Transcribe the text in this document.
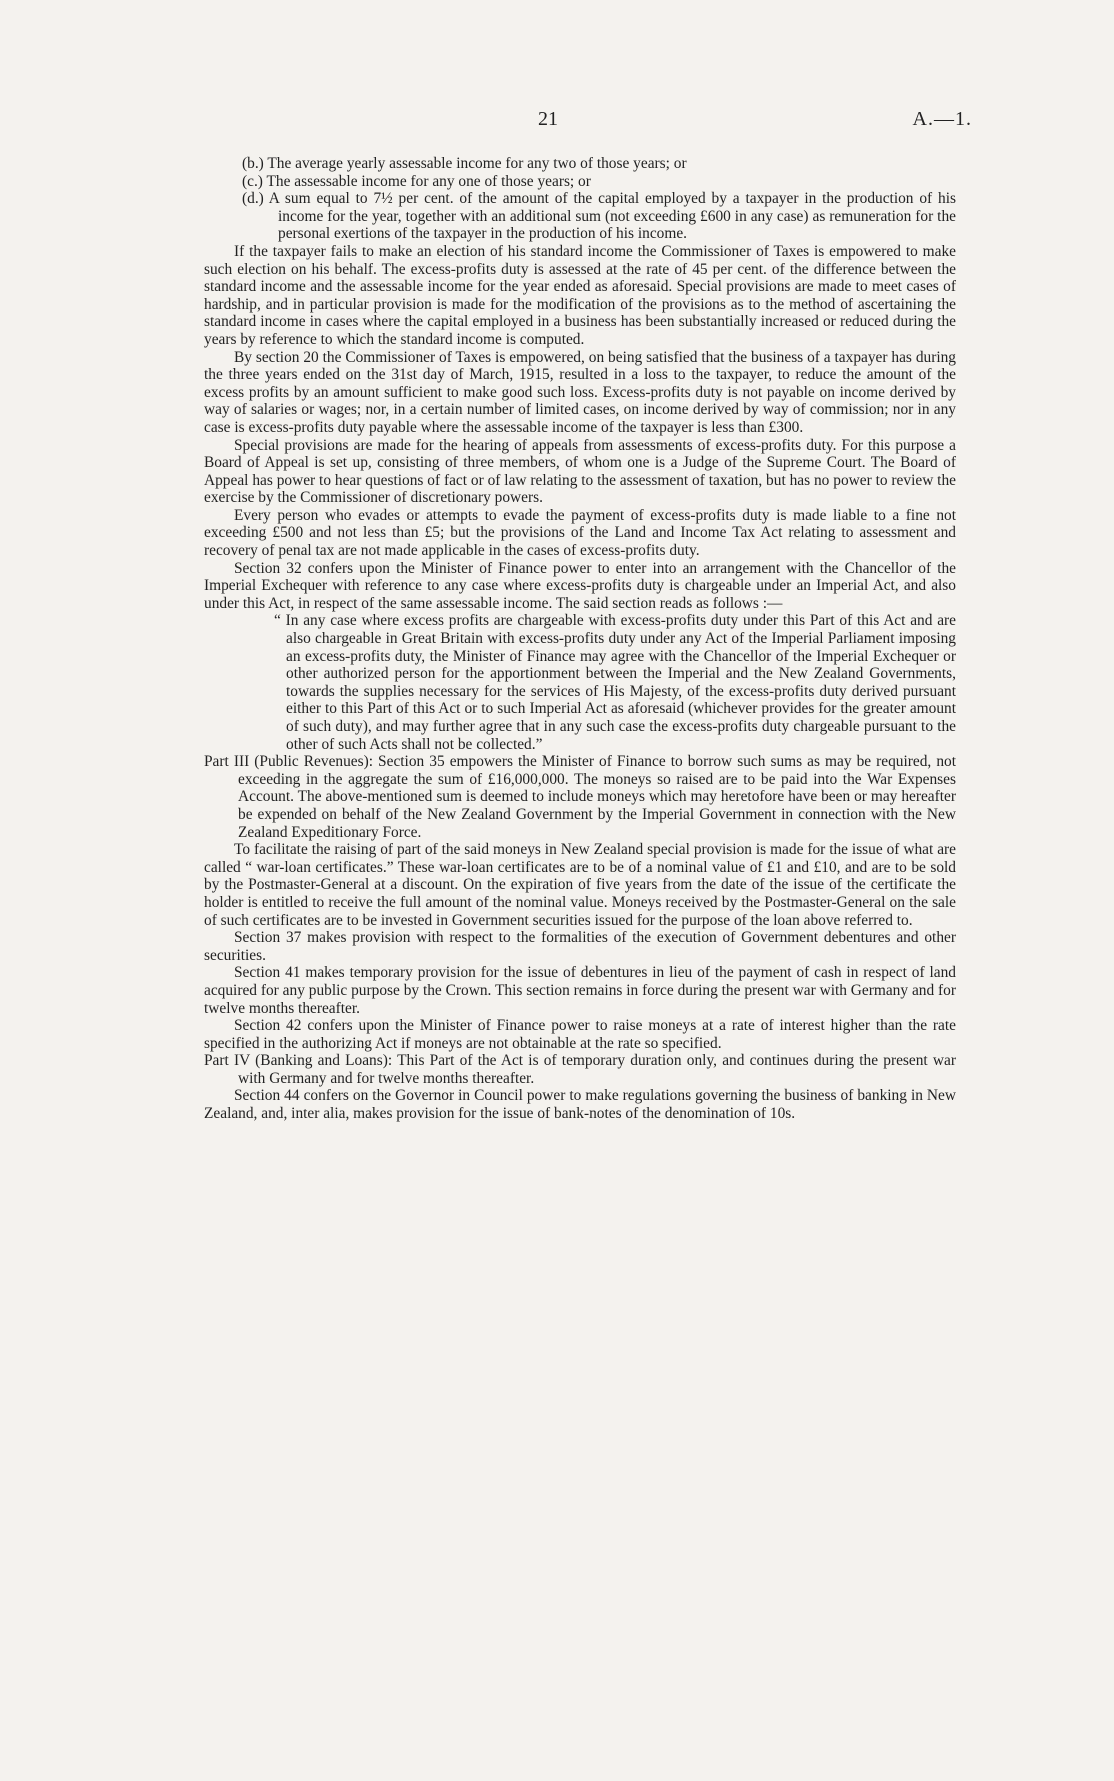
21	A.—1.

(b.) The average yearly assessable income for any two of those years; or

(c.) The assessable income for any one of those years; or

(d.) A sum equal to 7½ per cent. of the amount of the capital employed by a taxpayer in the production of his income for the year, together with an additional sum (not exceeding £600 in any case) as remuneration for the personal exertions of the taxpayer in the production of his income.

If the taxpayer fails to make an election of his standard income the Commissioner of Taxes is empowered to make such election on his behalf. The excess-profits duty is assessed at the rate of 45 per cent. of the difference between the standard income and the assessable income for the year ended as aforesaid. Special provisions are made to meet cases of hardship, and in particular provision is made for the modification of the provisions as to the method of ascertaining the standard income in cases where the capital employed in a business has been substantially increased or reduced during the years by reference to which the standard income is computed.

By section 20 the Commissioner of Taxes is empowered, on being satisfied that the business of a taxpayer has during the three years ended on the 31st day of March, 1915, resulted in a loss to the taxpayer, to reduce the amount of the excess profits by an amount sufficient to make good such loss. Excess-profits duty is not payable on income derived by way of salaries or wages; nor, in a certain number of limited cases, on income derived by way of commission; nor in any case is excess-profits duty payable where the assessable income of the taxpayer is less than £300.

Special provisions are made for the hearing of appeals from assessments of excess-profits duty. For this purpose a Board of Appeal is set up, consisting of three members, of whom one is a Judge of the Supreme Court. The Board of Appeal has power to hear questions of fact or of law relating to the assessment of taxation, but has no power to review the exercise by the Commissioner of discretionary powers.

Every person who evades or attempts to evade the payment of excess-profits duty is made liable to a fine not exceeding £500 and not less than £5; but the provisions of the Land and Income Tax Act relating to assessment and recovery of penal tax are not made applicable in the cases of excess-profits duty.

Section 32 confers upon the Minister of Finance power to enter into an arrangement with the Chancellor of the Imperial Exchequer with reference to any case where excess-profits duty is chargeable under an Imperial Act, and also under this Act, in respect of the same assessable income. The said section reads as follows :—

“ In any case where excess profits are chargeable with excess-profits duty under this Part of this Act and are also chargeable in Great Britain with excess-profits duty under any Act of the Imperial Parliament imposing an excess-profits duty, the Minister of Finance may agree with the Chancellor of the Imperial Exchequer or other authorized person for the apportionment between the Imperial and the New Zealand Governments, towards the supplies necessary for the services of His Majesty, of the excess-profits duty derived pursuant either to this Part of this Act or to such Imperial Act as aforesaid (whichever provides for the greater amount of such duty), and may further agree that in any such case the excess-profits duty chargeable pursuant to the other of such Acts shall not be collected.”

Part III (Public Revenues): Section 35 empowers the Minister of Finance to borrow such sums as may be required, not exceeding in the aggregate the sum of £16,000,000. The moneys so raised are to be paid into the War Expenses Account. The above-mentioned sum is deemed to include moneys which may heretofore have been or may hereafter be expended on behalf of the New Zealand Government by the Imperial Government in connection with the New Zealand Expeditionary Force.

To facilitate the raising of part of the said moneys in New Zealand special provision is made for the issue of what are called “ war-loan certificates.” These war-loan certificates are to be of a nominal value of £1 and £10, and are to be sold by the Postmaster-General at a discount. On the expiration of five years from the date of the issue of the certificate the holder is entitled to receive the full amount of the nominal value. Moneys received by the Postmaster-General on the sale of such certificates are to be invested in Government securities issued for the purpose of the loan above referred to.

Section 37 makes provision with respect to the formalities of the execution of Government debentures and other securities.

Section 41 makes temporary provision for the issue of debentures in lieu of the payment of cash in respect of land acquired for any public purpose by the Crown. This section remains in force during the present war with Germany and for twelve months thereafter.

Section 42 confers upon the Minister of Finance power to raise moneys at a rate of interest higher than the rate specified in the authorizing Act if moneys are not obtainable at the rate so specified.

Part IV (Banking and Loans): This Part of the Act is of temporary duration only, and continues during the present war with Germany and for twelve months thereafter.

Section 44 confers on the Governor in Council power to make regulations governing the business of banking in New Zealand, and, inter alia, makes provision for the issue of bank-notes of the denomination of 10s.
